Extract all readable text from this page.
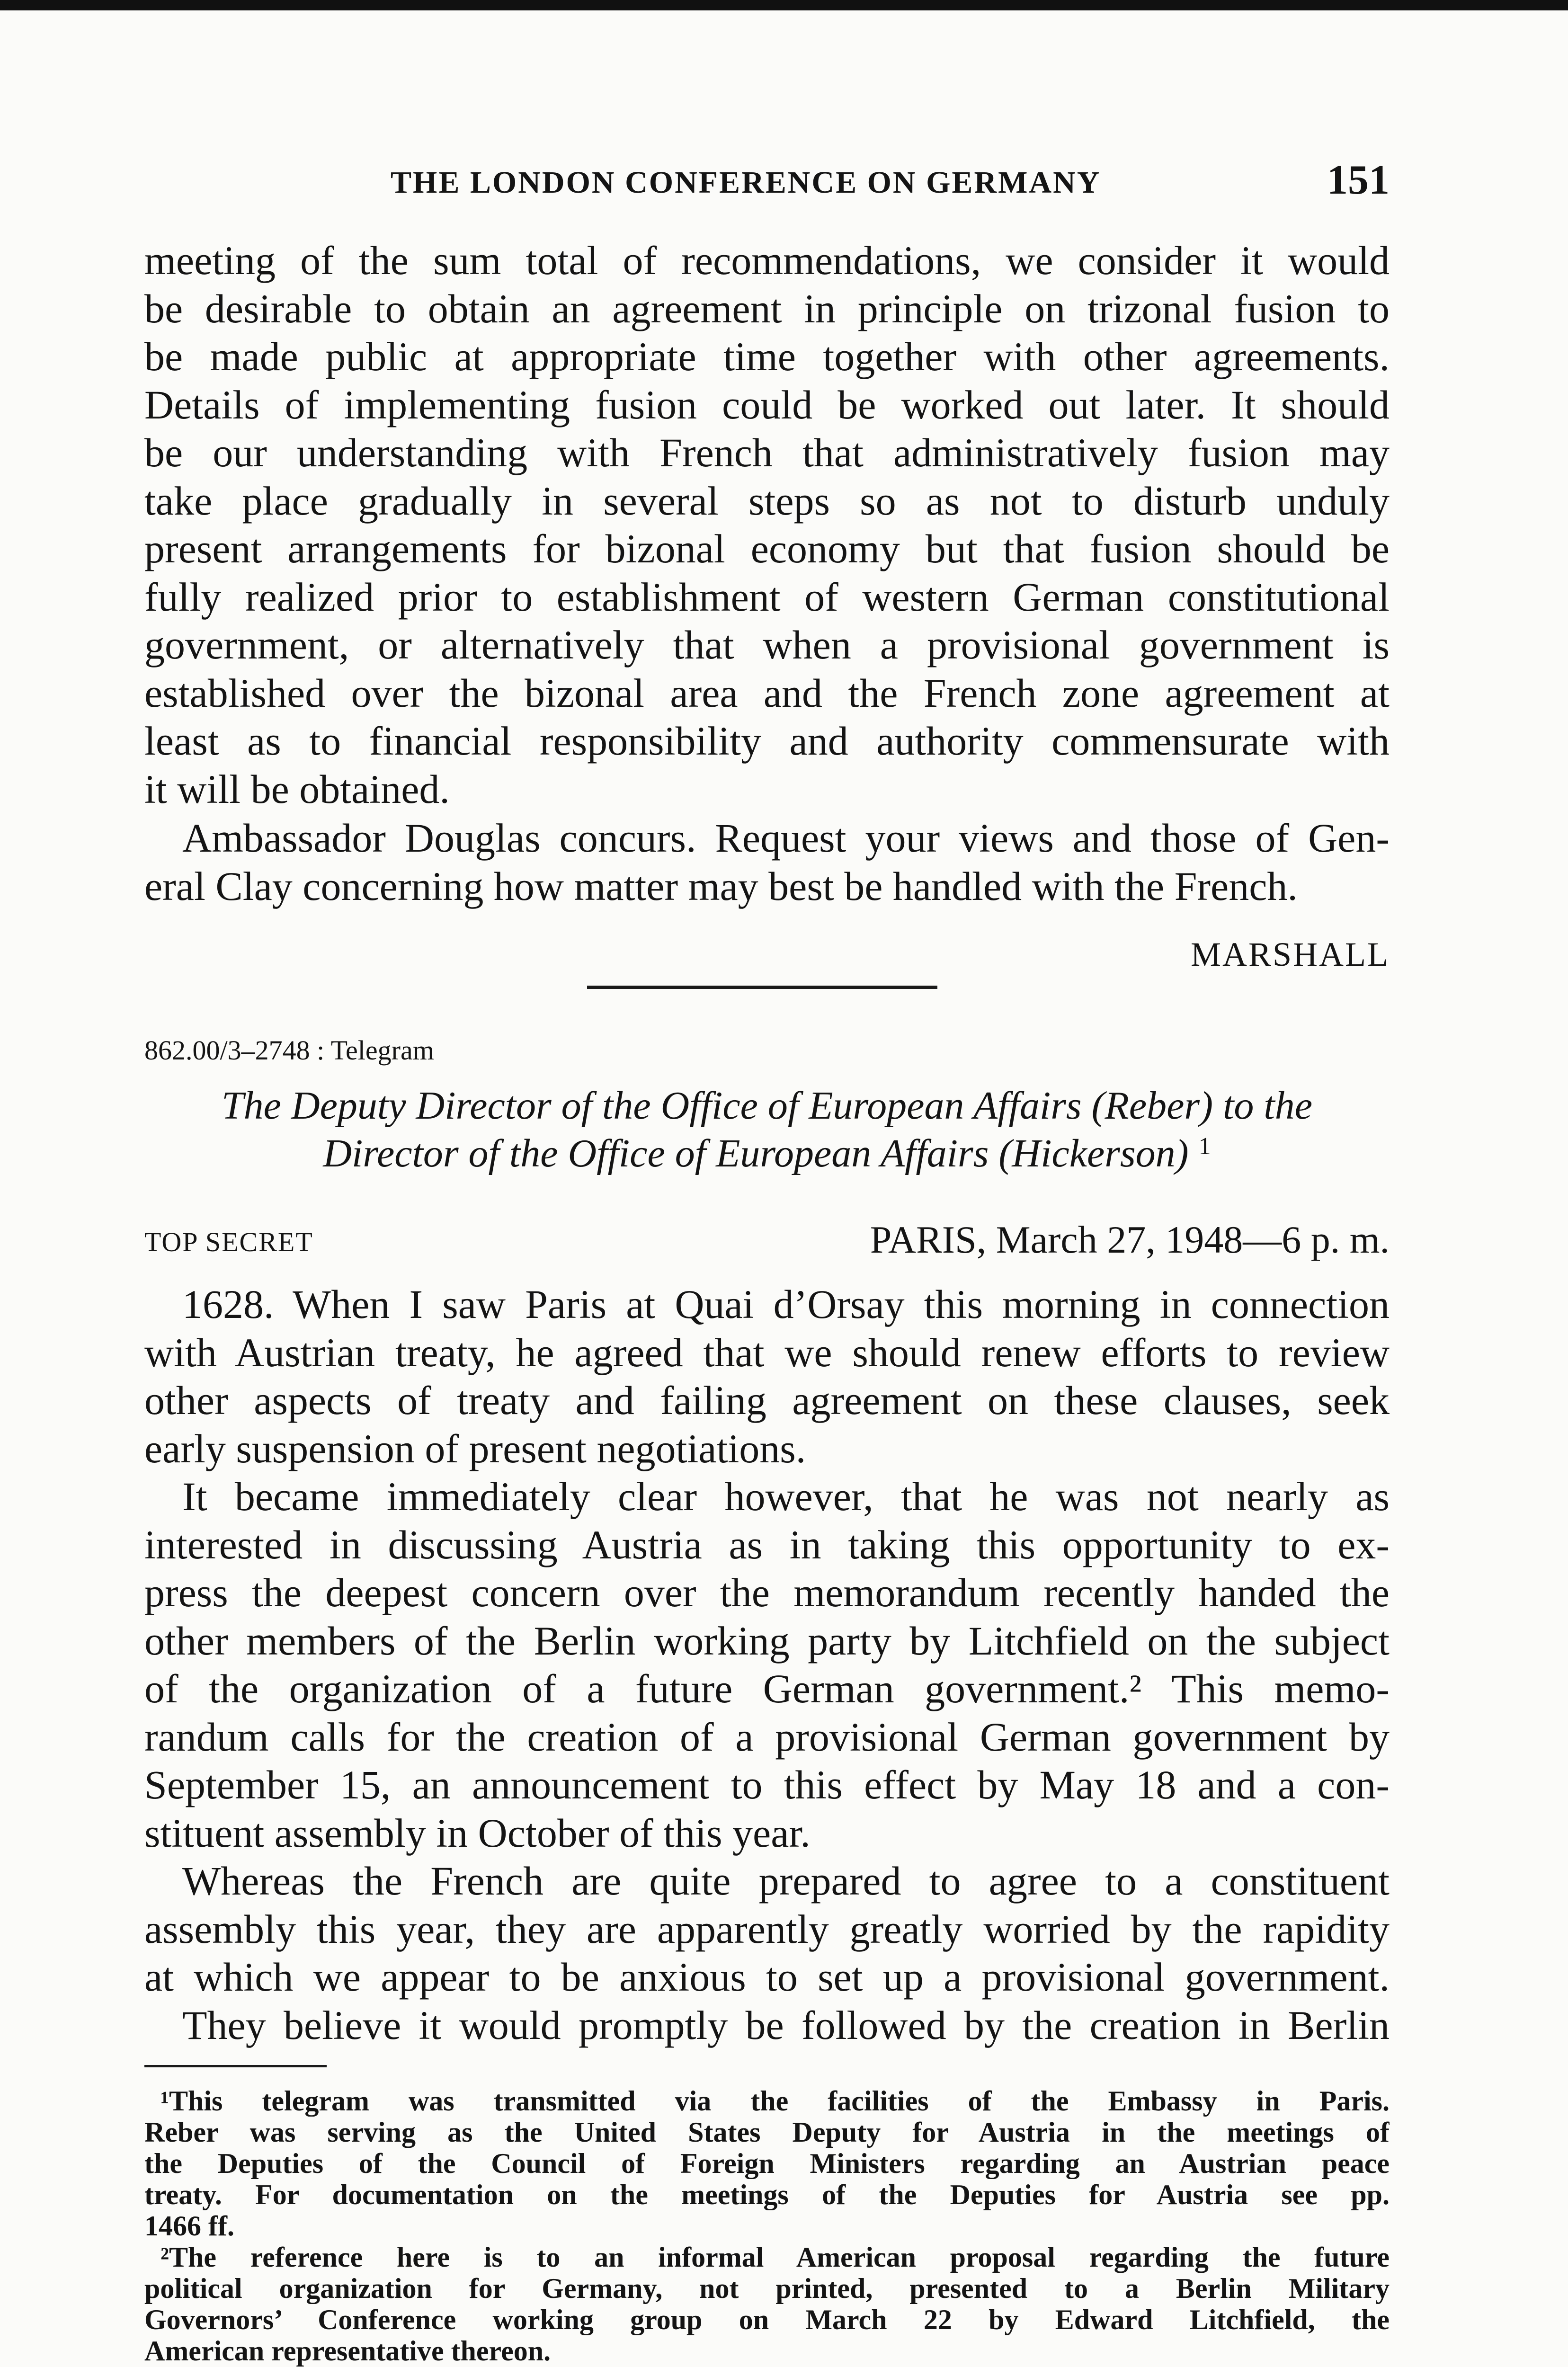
THE LONDON CONFERENCE ON GERMANY	151

meeting of the sum total of recommendations, we consider it would

be desirable to obtain an agreement in principle on trizonal fusion to

be made public at appropriate time together with other agreements.

Details of implementing fusion could be worked out later. It should

be our understanding with French that administratively fusion may

take place gradually in several steps so as not to disturb unduly

present arrangements for bizonal economy but that fusion should be

fully realized prior to establishment of western German constitutional

government, or alternatively that when a provisional government is

established over the bizonal area and the French zone agreement at

least as to financial responsibility and authority commensurate with

it will be obtained.

Ambassador Douglas concurs. Request your views and those of Gen-

eral Clay concerning how matter may best be handled with the French.

MARSHALL
862.00/3–2748 : Telegram
The Deputy Director of the Office of European Affairs (Reber) to the
Director of the Office of European Affairs (Hickerson) $^1$
TOP SECRET	PARIS, March 27, 1948—6 p. m.

1628. When I saw Paris at Quai d’Orsay this morning in connection

with Austrian treaty, he agreed that we should renew efforts to review

other aspects of treaty and failing agreement on these clauses, seek

early suspension of present negotiations.

It became immediately clear however, that he was not nearly as

interested in discussing Austria as in taking this opportunity to ex-

press the deepest concern over the memorandum recently handed the

other members of the Berlin working party by Litchfield on the subject

of the organization of a future German government.² This memo-

randum calls for the creation of a provisional German government by

September 15, an announcement to this effect by May 18 and a con-

stituent assembly in October of this year.

Whereas the French are quite prepared to agree to a constituent

assembly this year, they are apparently greatly worried by the rapidity

at which we appear to be anxious to set up a provisional government.

They believe it would promptly be followed by the creation in Berlin

¹This telegram was transmitted via the facilities of the Embassy in Paris.

Reber was serving as the United States Deputy for Austria in the meetings of

the Deputies of the Council of Foreign Ministers regarding an Austrian peace

treaty. For documentation on the meetings of the Deputies for Austria see pp.

1466 ff.

²The reference here is to an informal American proposal regarding the future

political organization for Germany, not printed, presented to a Berlin Military

Governors’ Conference working group on March 22 by Edward Litchfield, the

American representative thereon.
